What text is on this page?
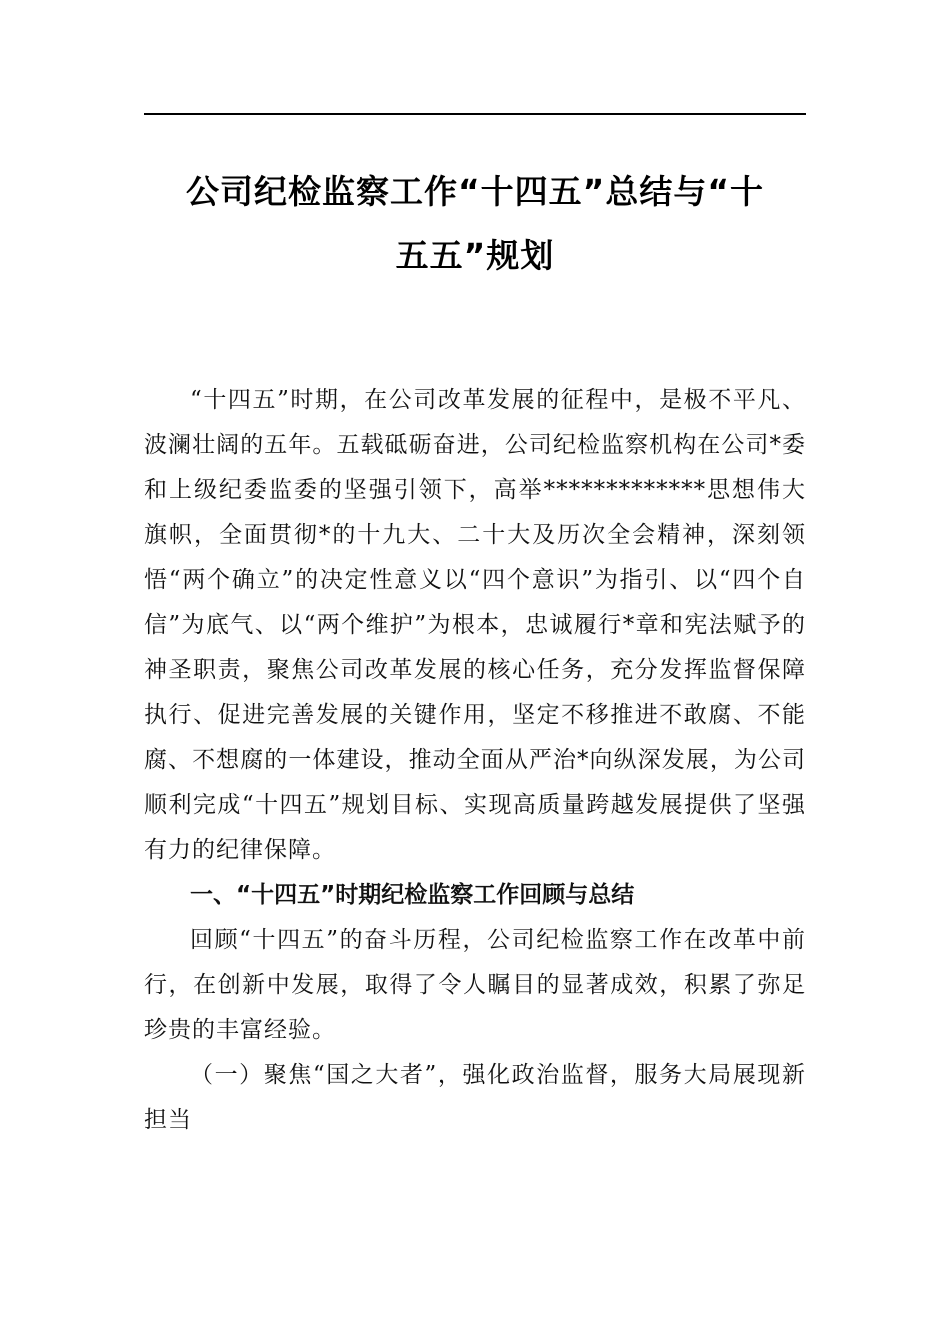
公司纪检监察工作“十四五”总结与“十
五五”规划

“十四五”时期，在公司改革发展的征程中，是极不平凡、波澜壮阔的五年。五载砥砺奋进，公司纪检监察机构在公司*委和上级纪委监委的坚强引领下，高举*************思想伟大旗帜，全面贯彻*的十九大、二十大及历次全会精神，深刻领悟“两个确立”的决定性意义以“四个意识”为指引、以“四个自信”为底气、以“两个维护”为根本，忠诚履行*章和宪法赋予的神圣职责，聚焦公司改革发展的核心任务，充分发挥监督保障执行、促进完善发展的关键作用，坚定不移推进不敢腐、不能腐、不想腐的一体建设，推动全面从严治*向纵深发展，为公司顺利完成“十四五”规划目标、实现高质量跨越发展提供了坚强有力的纪律保障。

一、“十四五”时期纪检监察工作回顾与总结

回顾“十四五”的奋斗历程，公司纪检监察工作在改革中前行，在创新中发展，取得了令人瞩目的显著成效，积累了弥足珍贵的丰富经验。

（一）聚焦“国之大者”，强化政治监督，服务大局展现新担当
